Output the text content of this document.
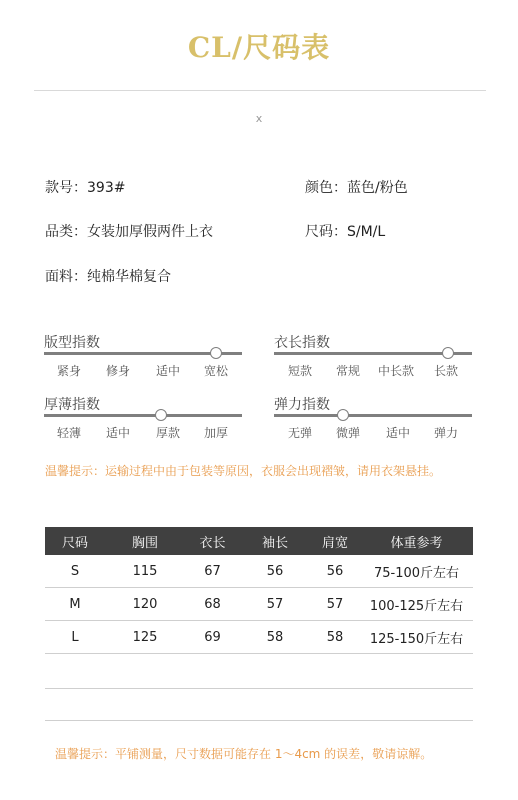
CL/尺码表
x
款号：393#	颜色：蓝色/粉色
品类：女装加厚假两件上衣	尺码：S/M/L
面料：纯棉华棉复合
版型指数
紧身 修身 适中 宽松
衣长指数
短款 常规 中长款 长款
厚薄指数
轻薄 适中 厚款 加厚
弹力指数
无弹 微弹 适中 弹力
温馨提示：运输过程中由于包装等原因，衣服会出现褶皱，请用衣架悬挂。
尺码	胸围	衣长	袖长	肩宽	体重参考
S	115	67	56	56	75-100斤左右
M	120	68	57	57	100-125斤左右
L	125	69	58	58	125-150斤左右
温馨提示：平铺测量，尺寸数据可能存在 1～4cm 的误差，敬请谅解。
